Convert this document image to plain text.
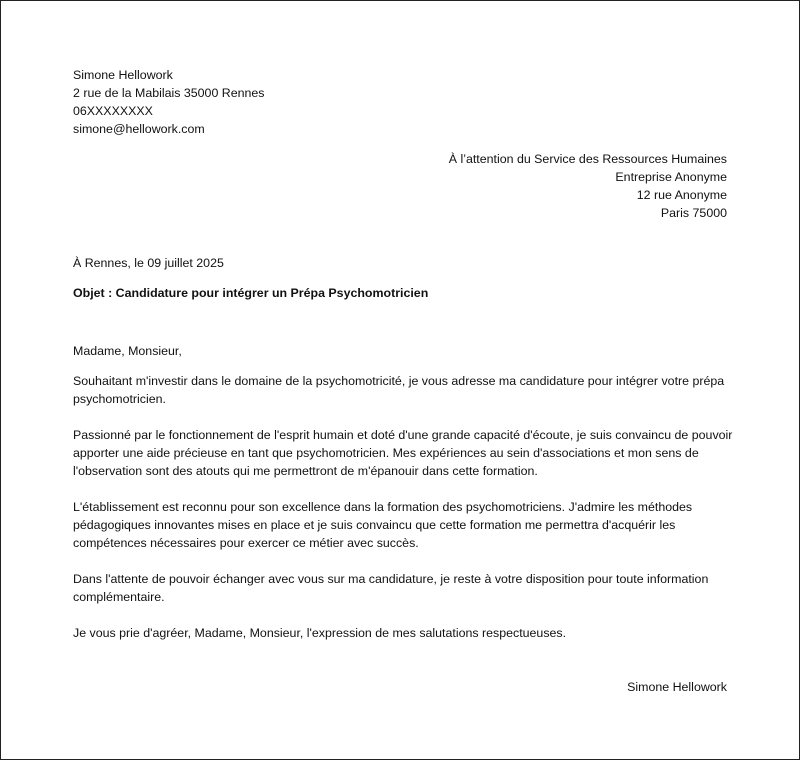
Simone Hellowork
2 rue de la Mabilais 35000 Rennes
06XXXXXXXX
simone@hellowork.com
À l’attention du Service des Ressources Humaines
Entreprise Anonyme
12 rue Anonyme
Paris 75000
À Rennes, le 09 juillet 2025
Objet : Candidature pour intégrer un Prépa Psychomotricien
Madame, Monsieur,
Souhaitant m'investir dans le domaine de la psychomotricité, je vous adresse ma candidature pour intégrer votre prépa psychomotricien.
Passionné par le fonctionnement de l'esprit humain et doté d'une grande capacité d'écoute, je suis convaincu de pouvoir apporter une aide précieuse en tant que psychomotricien. Mes expériences au sein d'associations et mon sens de l'observation sont des atouts qui me permettront de m'épanouir dans cette formation.
L'établissement est reconnu pour son excellence dans la formation des psychomotriciens. J'admire les méthodes pédagogiques innovantes mises en place et je suis convaincu que cette formation me permettra d'acquérir les compétences nécessaires pour exercer ce métier avec succès.
Dans l'attente de pouvoir échanger avec vous sur ma candidature, je reste à votre disposition pour toute information complémentaire.
Je vous prie d'agréer, Madame, Monsieur, l'expression de mes salutations respectueuses.
Simone Hellowork
